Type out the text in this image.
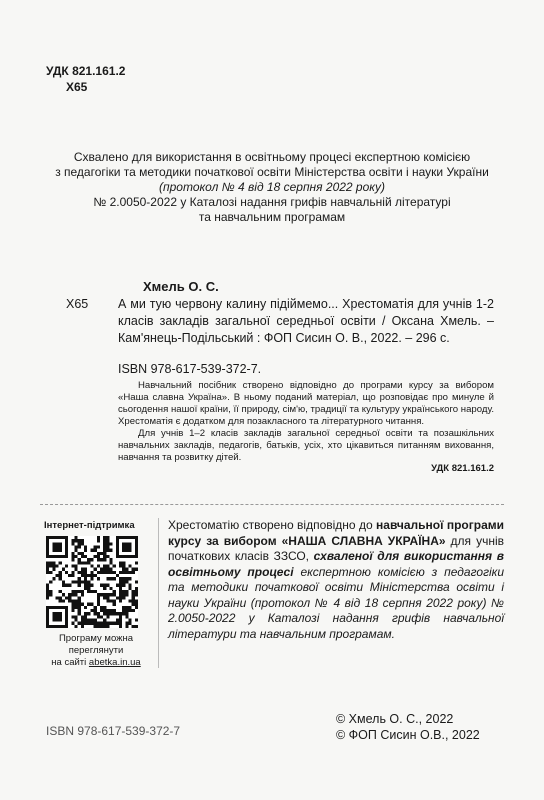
УДК 821.161.2
Х65
Схвалено для використання в освітньому процесі експертною комісією
з педагогіки та методики початкової освіти Міністерства освіти і науки України
(протокол № 4 від 18 серпня 2022 року)
№ 2.0050-2022 у Каталозі надання грифів навчальній літературі
та навчальним програмам
Хмель О. С.
Х65 А ми тую червону калину підіймемо... Хрестоматія для учнів 1-2 класів закладів загальної середньої освіти / Оксана Хмель. – Кам'янець-Подільський : ФОП Сисин О. В., 2022. – 296 с.
ISBN 978-617-539-372-7.

Навчальний посібник створено відповідно до програми курсу за вибором «Наша славна Україна». В ньому поданий матеріал, що розповідає про минуле й сьогодення нашої країни, її природу, сім'ю, традиції та культуру українського народу. Хрестоматія є додатком для позакласного та літературного читання.

Для учнів 1–2 класів закладів загальної середньої освіти та позашкільних навчальних закладів, педагогів, батьків, усіх, хто цікавиться питанням виховання, навчання та розвитку дітей.

УДК 821.161.2
Інтернет-підтримка
Програму можна
переглянути
на сайті abetka.in.ua
Хрестоматію створено відповідно до навчальної програми курсу за вибором «НАША СЛАВНА УКРАЇНА» для учнів початкових класів ЗЗСО, схваленої для використання в освітньому процесі експертною комісією з педагогіки та методики початкової освіти Міністерства освіти і науки України (протокол № 4 від 18 серпня 2022 року) № 2.0050-2022 у Каталозі надання грифів навчальної літератури та навчальним програмам.
ISBN 978-617-539-372-7
© Хмель О. С., 2022
© ФОП Сисин О.В., 2022
